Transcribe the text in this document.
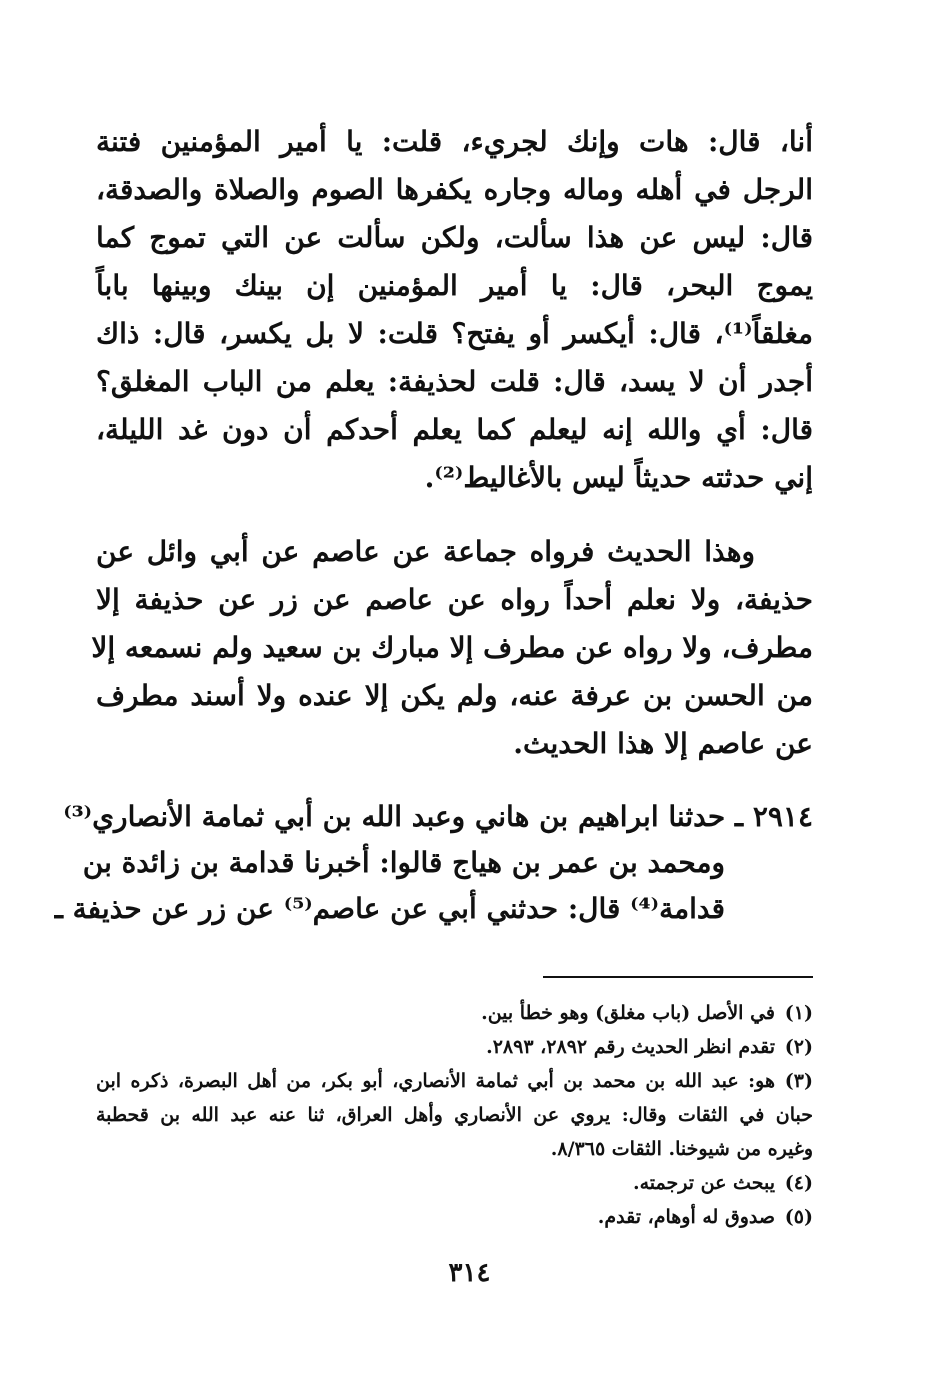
أنا، قال: هات وإنك لجريء، قلت: يا أمير المؤمنين فتنة
الرجل في أهله وماله وجاره يكفرها الصوم والصلاة والصدقة،
قال: ليس عن هذا سألت، ولكن سألت عن التي تموج كما
يموج البحر، قال: يا أمير المؤمنين إن بينك وبينها باباً
مغلقاً⁽¹⁾، قال: أيكسر أو يفتح؟ قلت: لا بل يكسر، قال: ذاك
أجدر أن لا يسد، قال: قلت لحذيفة: يعلم من الباب المغلق؟
قال: أي والله إنه ليعلم كما يعلم أحدكم أن دون غد الليلة،
إني حدثته حديثاً ليس بالأغاليط⁽²⁾.
وهذا الحديث فرواه جماعة عن عاصم عن أبي وائل عن
حذيفة، ولا نعلم أحداً رواه عن عاصم عن زر عن حذيفة إلا
مطرف، ولا رواه عن مطرف إلا مبارك بن سعيد ولم نسمعه إلا
من الحسن بن عرفة عنه، ولم يكن إلا عنده ولا أسند مطرف
عن عاصم إلا هذا الحديث.
٢٩١٤ ـ حدثنا ابراهيم بن هاني وعبد الله بن أبي ثمامة الأنصاري⁽³⁾
ومحمد بن عمر بن هياج قالوا: أخبرنا قدامة بن زائدة بن
قدامة⁽⁴⁾ قال: حدثني أبي عن عاصم⁽⁵⁾ عن زر عن حذيفة ـ
(١)في الأصل (باب مغلق) وهو خطأ بين.
(٢)تقدم انظر الحديث رقم ٢٨٩٢، ٢٨٩٣.
(٣)هو: عبد الله بن محمد بن أبي ثمامة الأنصاري، أبو بكر، من أهل البصرة، ذكره ابن
حبان في الثقات وقال: يروي عن الأنصاري وأهل العراق، ثنا عنه عبد الله بن قحطبة
وغيره من شيوخنا. الثقات ٨/٣٦٥.
(٤)يبحث عن ترجمته.
(٥)صدوق له أوهام، تقدم.
٣١٤
